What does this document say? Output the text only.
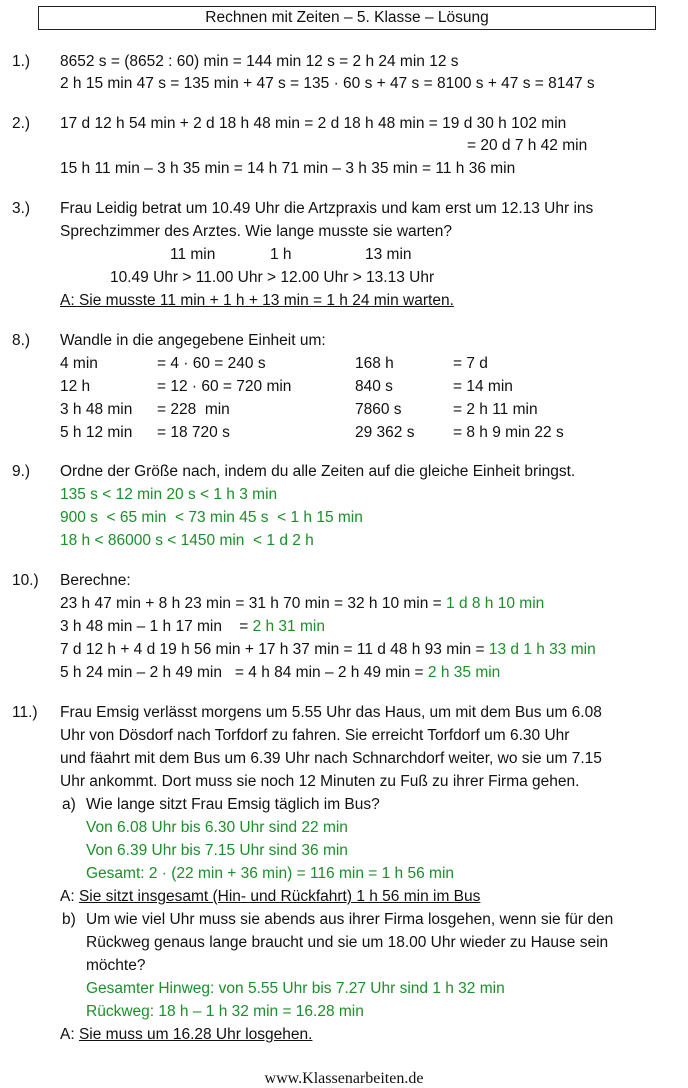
Rechnen mit Zeiten – 5. Klasse – Lösung
1.) 8652 s = (8652 : 60) min = 144 min 12 s = 2 h 24 min 12 s
2 h 15 min 47 s = 135 min + 47 s = 135 · 60 s + 47 s = 8100 s + 47 s = 8147 s
2.) 17 d 12 h 54 min + 2 d 18 h 48 min = 2 d 18 h 48 min = 19 d 30 h 102 min
= 20 d 7 h 42 min
15 h 11 min – 3 h 35 min = 14 h 71 min – 3 h 35 min = 11 h 36 min
3.) Frau Leidig betrat um 10.49 Uhr die Artzpraxis und kam erst um 12.13 Uhr ins
Sprechzimmer des Arztes. Wie lange musste sie warten?
11 min	1 h	13 min
10.49 Uhr > 11.00 Uhr > 12.00 Uhr > 13.13 Uhr
A: Sie musste 11 min + 1 h + 13 min = 1 h 24 min warten.
8.) Wandle in die angegebene Einheit um:
4 min	= 4 · 60 = 240 s	168 h	= 7 d
12 h	= 12 · 60 = 720 min	840 s	= 14 min
3 h 48 min = 228  min	7860 s	= 2 h 11 min
5 h 12 min = 18 720 s	29 362 s = 8 h 9 min 22 s
9.) Ordne der Größe nach, indem du alle Zeiten auf die gleiche Einheit bringst.
135 s < 12 min 20 s < 1 h 3 min
900 s  < 65 min  < 73 min 45 s  < 1 h 15 min
18 h < 86000 s < 1450 min  < 1 d 2 h
10.) Berechne:
23 h 47 min + 8 h 23 min = 31 h 70 min = 32 h 10 min = 1 d 8 h 10 min
3 h 48 min – 1 h 17 min    = 2 h 31 min
7 d 12 h + 4 d 19 h 56 min + 17 h 37 min = 11 d 48 h 93 min = 13 d 1 h 33 min
5 h 24 min – 2 h 49 min   = 4 h 84 min – 2 h 49 min = 2 h 35 min
11.) Frau Emsig verlässt morgens um 5.55 Uhr das Haus, um mit dem Bus um 6.08
Uhr von Dösdorf nach Torfdorf zu fahren. Sie erreicht Torfdorf um 6.30 Uhr
und fäahrt mit dem Bus um 6.39 Uhr nach Schnarchdorf weiter, wo sie um 7.15
Uhr ankommt. Dort muss sie noch 12 Minuten zu Fuß zu ihrer Firma gehen.
a) Wie lange sitzt Frau Emsig täglich im Bus?
Von 6.08 Uhr bis 6.30 Uhr sind 22 min
Von 6.39 Uhr bis 7.15 Uhr sind 36 min
Gesamt: 2 · (22 min + 36 min) = 116 min = 1 h 56 min
A: Sie sitzt insgesamt (Hin- und Rückfahrt) 1 h 56 min im Bus
b) Um wie viel Uhr muss sie abends aus ihrer Firma losgehen, wenn sie für den
Rückweg genaus lange braucht und sie um 18.00 Uhr wieder zu Hause sein
möchte?
Gesamter Hinweg: von 5.55 Uhr bis 7.27 Uhr sind 1 h 32 min
Rückweg: 18 h – 1 h 32 min = 16.28 min
A: Sie muss um 16.28 Uhr losgehen.
www.Klassenarbeiten.de
